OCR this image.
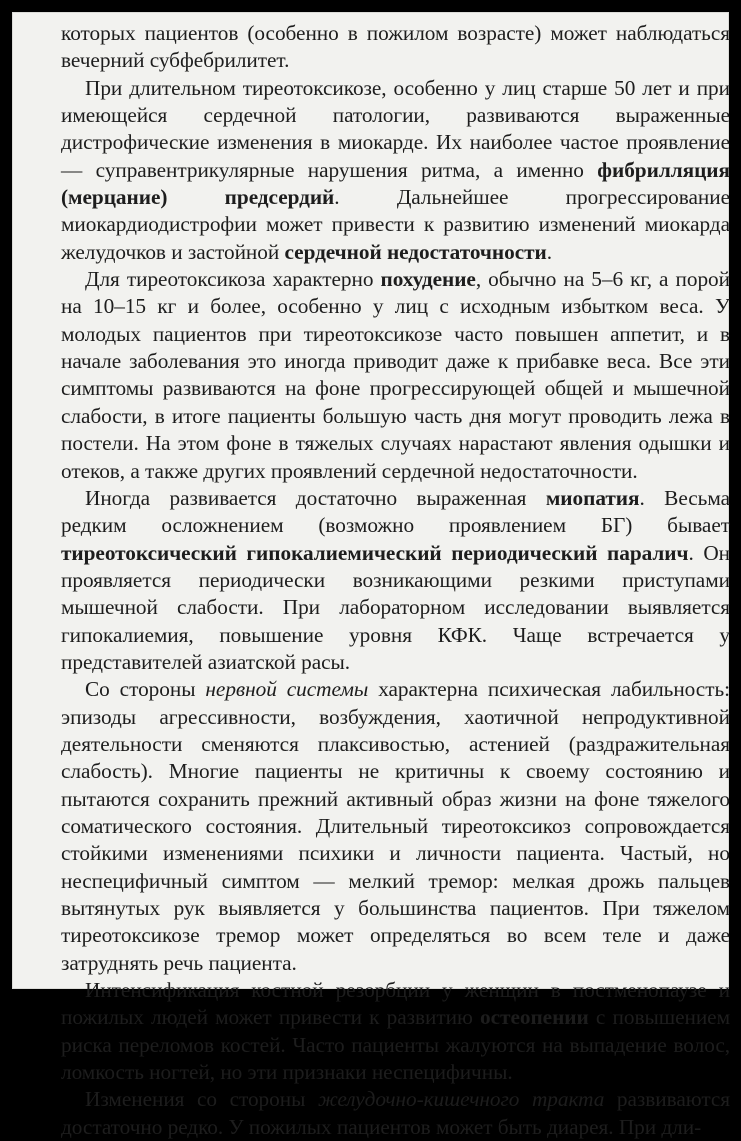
которых пациентов (особенно в пожилом возрасте) может наблюдаться вечерний субфебрилитет.

При длительном тиреотоксикозе, особенно у лиц старше 50 лет и при имеющейся сердечной патологии, развиваются выраженные дистрофические изменения в миокарде. Их наиболее частое проявление — суправентрикулярные нарушения ритма, а именно фибрилляция (мерцание) предсердий. Дальнейшее прогрессирование миокардиодистрофии может привести к развитию изменений миокарда желудочков и застойной сердечной недостаточности.

Для тиреотоксикоза характерно похудение, обычно на 5–6 кг, а порой на 10–15 кг и более, особенно у лиц с исходным избытком веса. У молодых пациентов при тиреотоксикозе часто повышен аппетит, и в начале заболевания это иногда приводит даже к прибавке веса. Все эти симптомы развиваются на фоне прогрессирующей общей и мышечной слабости, в итоге пациенты большую часть дня могут проводить лежа в постели. На этом фоне в тяжелых случаях нарастают явления одышки и отеков, а также других проявлений сердечной недостаточности.

Иногда развивается достаточно выраженная миопатия. Весьма редким осложнением (возможно проявлением БГ) бывает тиреотоксический гипокалиемический периодический паралич. Он проявляется периодически возникающими резкими приступами мышечной слабости. При лабораторном исследовании выявляется гипокалиемия, повышение уровня КФК. Чаще встречается у представителей азиатской расы.

Со стороны нервной системы характерна психическая лабильность: эпизоды агрессивности, возбуждения, хаотичной непродуктивной деятельности сменяются плаксивостью, астенией (раздражительная слабость). Многие пациенты не критичны к своему состоянию и пытаются сохранить прежний активный образ жизни на фоне тяжелого соматического состояния. Длительный тиреотоксикоз сопровождается стойкими изменениями психики и личности пациента. Частый, но неспецифичный симптом — мелкий тремор: мелкая дрожь пальцев вытянутых рук выявляется у большинства пациентов. При тяжелом тиреотоксикозе тремор может определяться во всем теле и даже затруднять речь пациента.

Интенсификация костной резорбции у женщин в постменопаузе и пожилых людей может привести к развитию остеопении с повышением риска переломов костей. Часто пациенты жалуются на выпадение волос, ломкость ногтей, но эти признаки неспецифичны.

Изменения со стороны желудочно-кишечного тракта развиваются достаточно редко. У пожилых пациентов может быть диарея. При дли-
